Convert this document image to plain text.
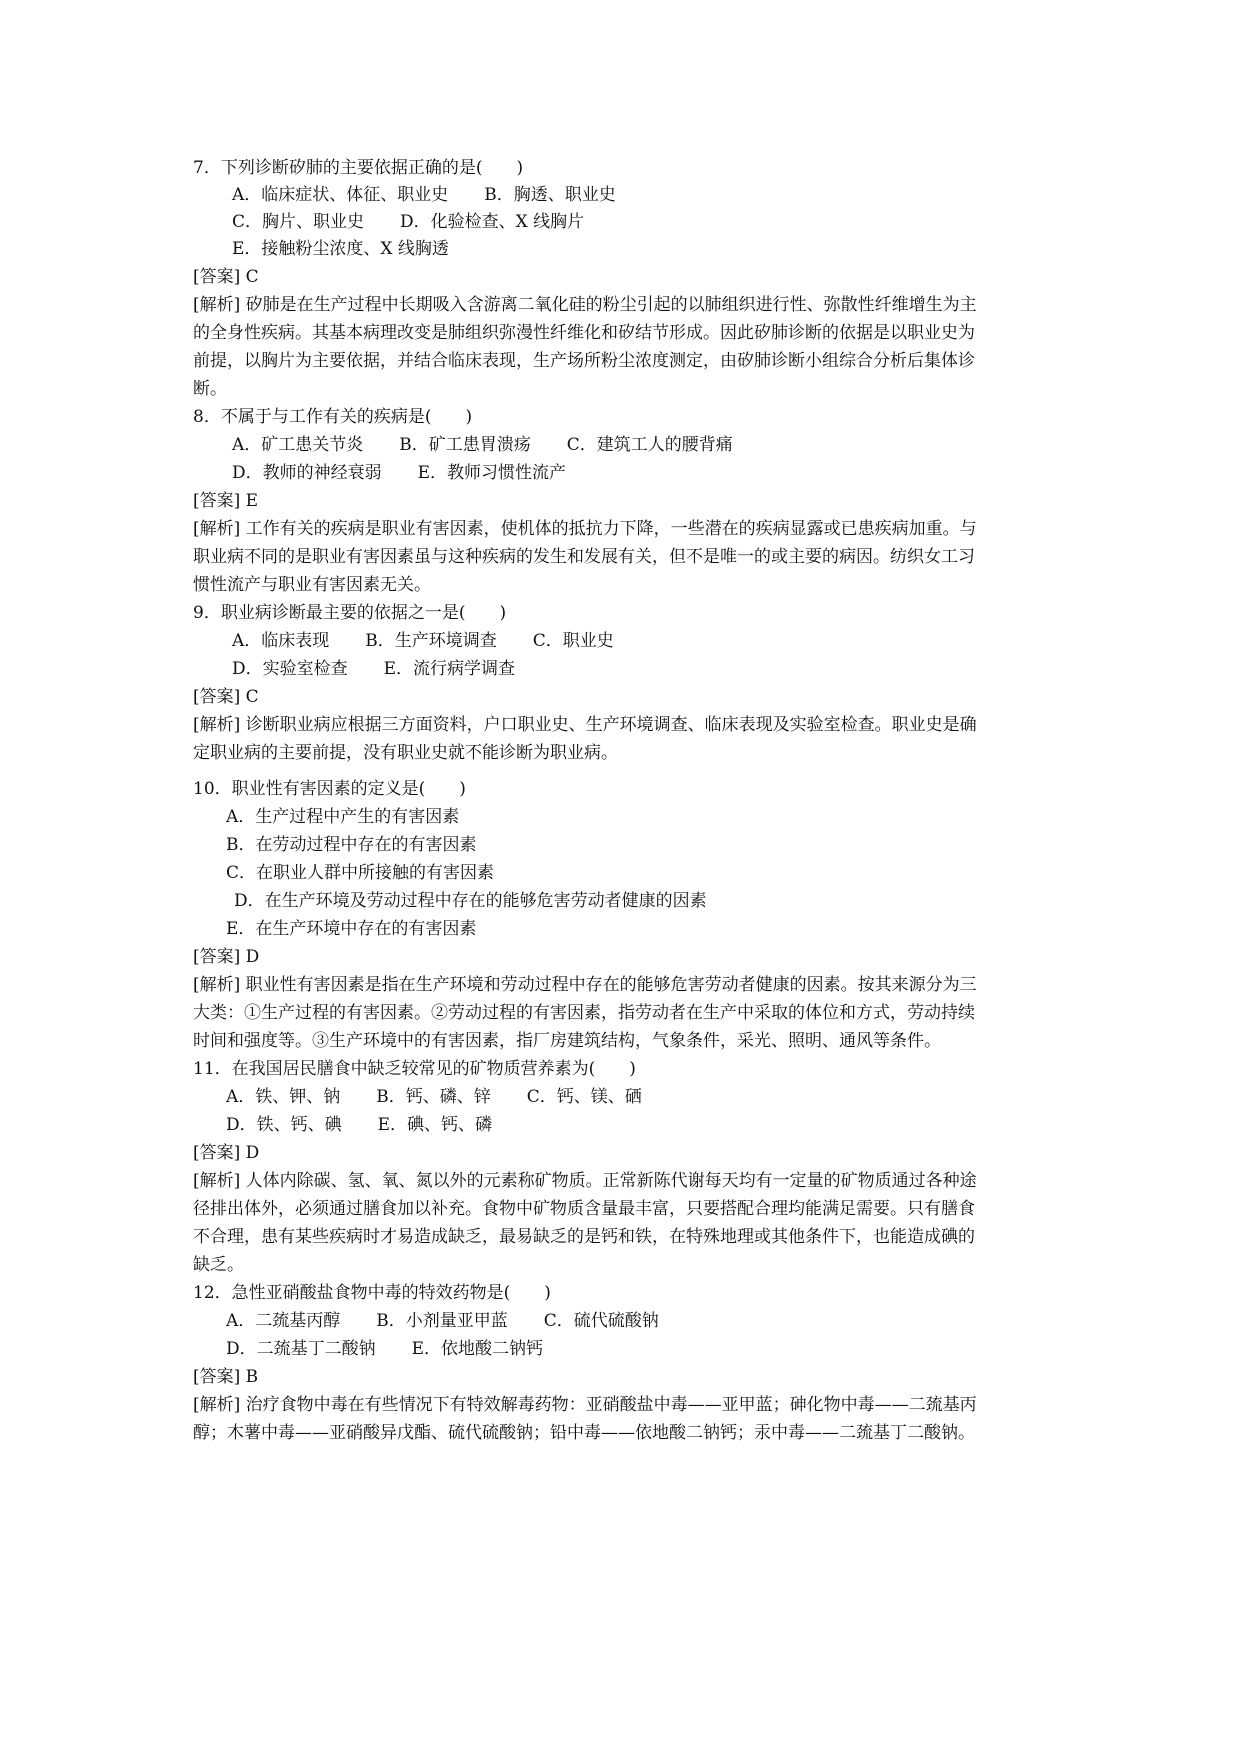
7．下列诊断矽肺的主要依据正确的是(　　)
A．临床症状、体征、职业史 B．胸透、职业史
C．胸片、职业史 D．化验检查、X 线胸片
E．接触粉尘浓度、X 线胸透
[答案] C
[解析] 矽肺是在生产过程中长期吸入含游离二氧化硅的粉尘引起的以肺组织进行性、弥散性纤维增生为主
的全身性疾病。其基本病理改变是肺组织弥漫性纤维化和矽结节形成。因此矽肺诊断的依据是以职业史为
前提，以胸片为主要依据，并结合临床表现，生产场所粉尘浓度测定，由矽肺诊断小组综合分析后集体诊
断。
8．不属于与工作有关的疾病是(　　)
A．矿工患关节炎 B．矿工患胃溃疡 C．建筑工人的腰背痛
D．教师的神经衰弱 E．教师习惯性流产
[答案] E
[解析] 工作有关的疾病是职业有害因素，使机体的抵抗力下降，一些潜在的疾病显露或已患疾病加重。与
职业病不同的是职业有害因素虽与这种疾病的发生和发展有关，但不是唯一的或主要的病因。纺织女工习
惯性流产与职业有害因素无关。
9．职业病诊断最主要的依据之一是(　　)
A．临床表现 B．生产环境调查 C．职业史
D．实验室检查 E．流行病学调查
[答案] C
[解析] 诊断职业病应根据三方面资料，户口职业史、生产环境调查、临床表现及实验室检查。职业史是确
定职业病的主要前提，没有职业史就不能诊断为职业病。
10．职业性有害因素的定义是(　　)
A．生产过程中产生的有害因素
B．在劳动过程中存在的有害因素
C．在职业人群中所接触的有害因素
D．在生产环境及劳动过程中存在的能够危害劳动者健康的因素
E．在生产环境中存在的有害因素
[答案] D
[解析] 职业性有害因素是指在生产环境和劳动过程中存在的能够危害劳动者健康的因素。按其来源分为三
大类：①生产过程的有害因素。②劳动过程的有害因素，指劳动者在生产中采取的体位和方式，劳动持续
时间和强度等。③生产环境中的有害因素，指厂房建筑结构，气象条件，采光、照明、通风等条件。
11．在我国居民膳食中缺乏较常见的矿物质营养素为(　　)
A．铁、钾、钠 B．钙、磷、锌 C．钙、镁、硒
D．铁、钙、碘 E．碘、钙、磷
[答案] D
[解析] 人体内除碳、氢、氧、氮以外的元素称矿物质。正常新陈代谢每天均有一定量的矿物质通过各种途
径排出体外，必须通过膳食加以补充。食物中矿物质含量最丰富，只要搭配合理均能满足需要。只有膳食
不合理，患有某些疾病时才易造成缺乏，最易缺乏的是钙和铁，在特殊地理或其他条件下，也能造成碘的
缺乏。
12．急性亚硝酸盐食物中毒的特效药物是(　　)
A．二巯基丙醇 B．小剂量亚甲蓝 C．硫代硫酸钠
D．二巯基丁二酸钠 E．依地酸二钠钙
[答案] B
[解析] 治疗食物中毒在有些情况下有特效解毒药物：亚硝酸盐中毒——亚甲蓝；砷化物中毒——二巯基丙
醇；木薯中毒——亚硝酸异戊酯、硫代硫酸钠；铅中毒——依地酸二钠钙；汞中毒——二巯基丁二酸钠。
